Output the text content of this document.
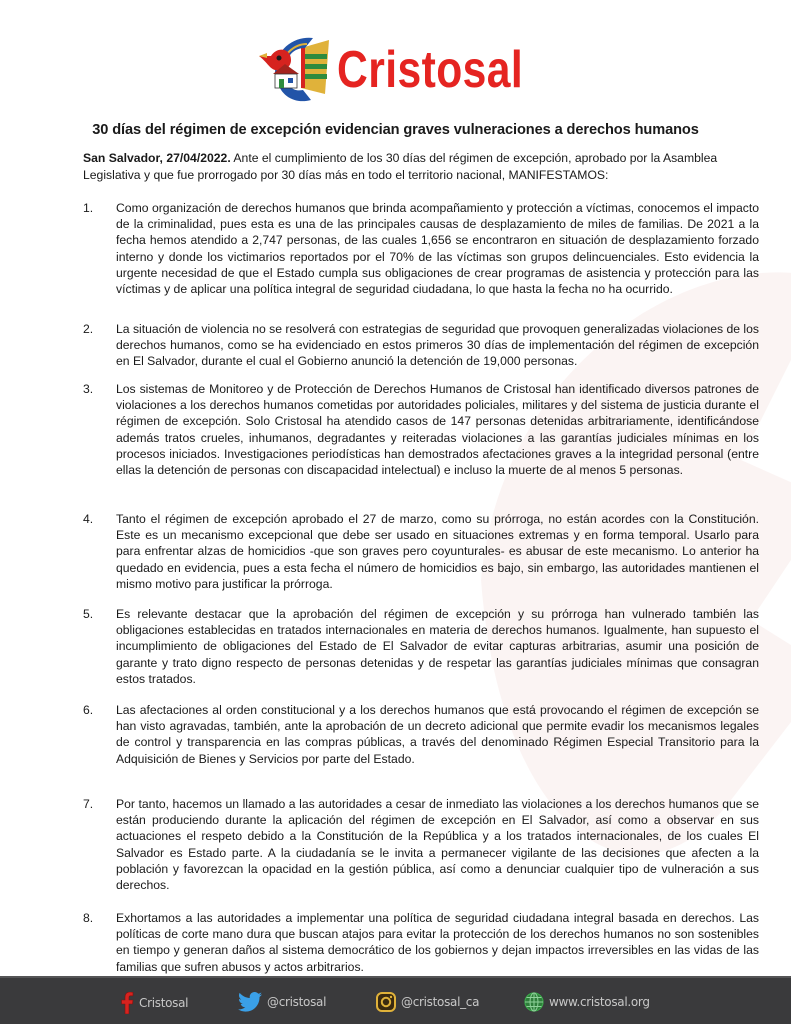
Cristosal
30 días del régimen de excepción evidencian graves vulneraciones a derechos humanos

San Salvador, 27/04/2022. Ante el cumplimiento de los 30 días del régimen de excepción, aprobado por la Asamblea Legislativa y que fue prorrogado por 30 días más en todo el territorio nacional, MANIFESTAMOS:

1. Como organización de derechos humanos que brinda acompañamiento y protección a víctimas, conocemos el impacto de la criminalidad, pues esta es una de las principales causas de desplazamiento de miles de familias. De 2021 a la fecha hemos atendido a 2,747 personas, de las cuales 1,656 se encontraron en situación de desplazamiento forzado interno y donde los victimarios reportados por el 70% de las víctimas son grupos delincuenciales. Esto evidencia la urgente necesidad de que el Estado cumpla sus obligaciones de crear programas de asistencia y protección para las víctimas y de aplicar una política integral de seguridad ciudadana, lo que hasta la fecha no ha ocurrido.
2. La situación de violencia no se resolverá con estrategias de seguridad que provoquen generalizadas violaciones de los derechos humanos, como se ha evidenciado en estos primeros 30 días de implementación del régimen de excepción en El Salvador, durante el cual el Gobierno anunció la detención de 19,000 personas.
3. Los sistemas de Monitoreo y de Protección de Derechos Humanos de Cristosal han identificado diversos patrones de violaciones a los derechos humanos cometidas por autoridades policiales, militares y del sistema de justicia durante el régimen de excepción. Solo Cristosal ha atendido casos de 147 personas detenidas arbitrariamente, identificándose además tratos crueles, inhumanos, degradantes y reiteradas violaciones a las garantías judiciales mínimas en los procesos iniciados. Investigaciones periodísticas han demostrados afectaciones graves a la integridad personal (entre ellas la detención de personas con discapacidad intelectual) e incluso la muerte de al menos 5 personas.
4. Tanto el régimen de excepción aprobado el 27 de marzo, como su prórroga, no están acordes con la Constitución. Este es un mecanismo excepcional que debe ser usado en situaciones extremas y en forma temporal. Usarlo para para enfrentar alzas de homicidios -que son graves pero coyunturales- es abusar de este mecanismo. Lo anterior ha quedado en evidencia, pues a esta fecha el número de homicidios es bajo, sin embargo, las autoridades mantienen el mismo motivo para justificar la prórroga.
5. Es relevante destacar que la aprobación del régimen de excepción y su prórroga han vulnerado también las obligaciones establecidas en tratados internacionales en materia de derechos humanos. Igualmente, han supuesto el incumplimiento de obligaciones del Estado de El Salvador de evitar capturas arbitrarias, asumir una posición de garante y trato digno respecto de personas detenidas y de respetar las garantías judiciales mínimas que consagran estos tratados.
6. Las afectaciones al orden constitucional y a los derechos humanos que está provocando el régimen de excepción se han visto agravadas, también, ante la aprobación de un decreto adicional que permite evadir los mecanismos legales de control y transparencia en las compras públicas, a través del denominado Régimen Especial Transitorio para la Adquisición de Bienes y Servicios por parte del Estado.
7. Por tanto, hacemos un llamado a las autoridades a cesar de inmediato las violaciones a los derechos humanos que se están produciendo durante la aplicación del régimen de excepción en El Salvador, así como a observar en sus actuaciones el respeto debido a la Constitución de la República y a los tratados internacionales, de los cuales El Salvador es Estado parte. A la ciudadanía se le invita a permanecer vigilante de las decisiones que afecten a la población y favorezcan la opacidad en la gestión pública, así como a denunciar cualquier tipo de vulneración a sus derechos.
8. Exhortamos a las autoridades a implementar una política de seguridad ciudadana integral basada en derechos. Las políticas de corte mano dura que buscan atajos para evitar la protección de los derechos humanos no son sostenibles en tiempo y generan daños al sistema democrático de los gobiernos y dejan impactos irreversibles en las vidas de las familias que sufren abusos y actos arbitrarios.
Cristosal	@cristosal	@cristosal_ca	www.cristosal.org
